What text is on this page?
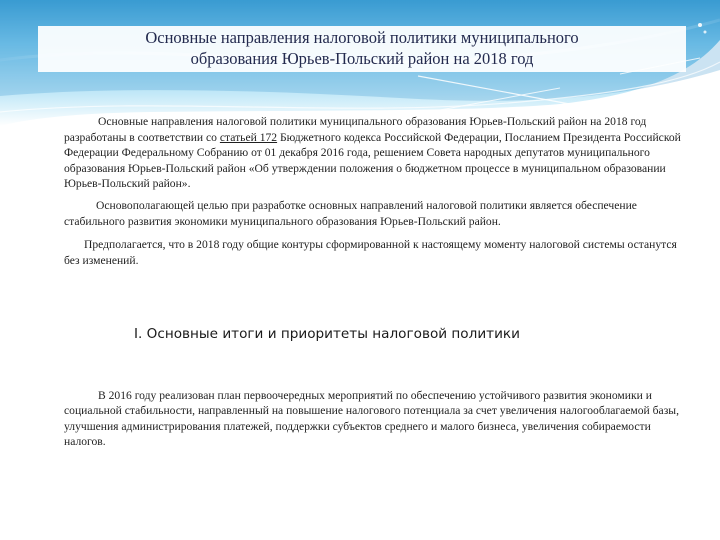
Основные направления налоговой политики муниципального
образования Юрьев-Польский район на 2018 год

Основные направления налоговой политики муниципального образования Юрьев-Польский район на 2018 год разработаны в соответствии со статьей 172 Бюджетного кодекса Российской Федерации, Посланием Президента Российской Федерации Федеральному Собранию от 01 декабря 2016 года, решением Совета народных депутатов муниципального образования Юрьев-Польский район «Об утверждении положения о бюджетном процессе в муниципальном образовании Юрьев-Польский район».

Основополагающей целью при разработке основных направлений налоговой политики является обеспечение стабильного развития экономики муниципального образования Юрьев-Польский район.

Предполагается, что в 2018 году общие контуры сформированной к настоящему моменту налоговой системы останутся без изменений.

I. Основные итоги и приоритеты налоговой политики

В 2016 году реализован план первоочередных мероприятий по обеспечению устойчивого развития экономики и социальной стабильности, направленный на повышение налогового потенциала за счет увеличения налогооблагаемой базы, улучшения администрирования платежей, поддержки субъектов среднего и малого бизнеса, увеличения собираемости налогов.
